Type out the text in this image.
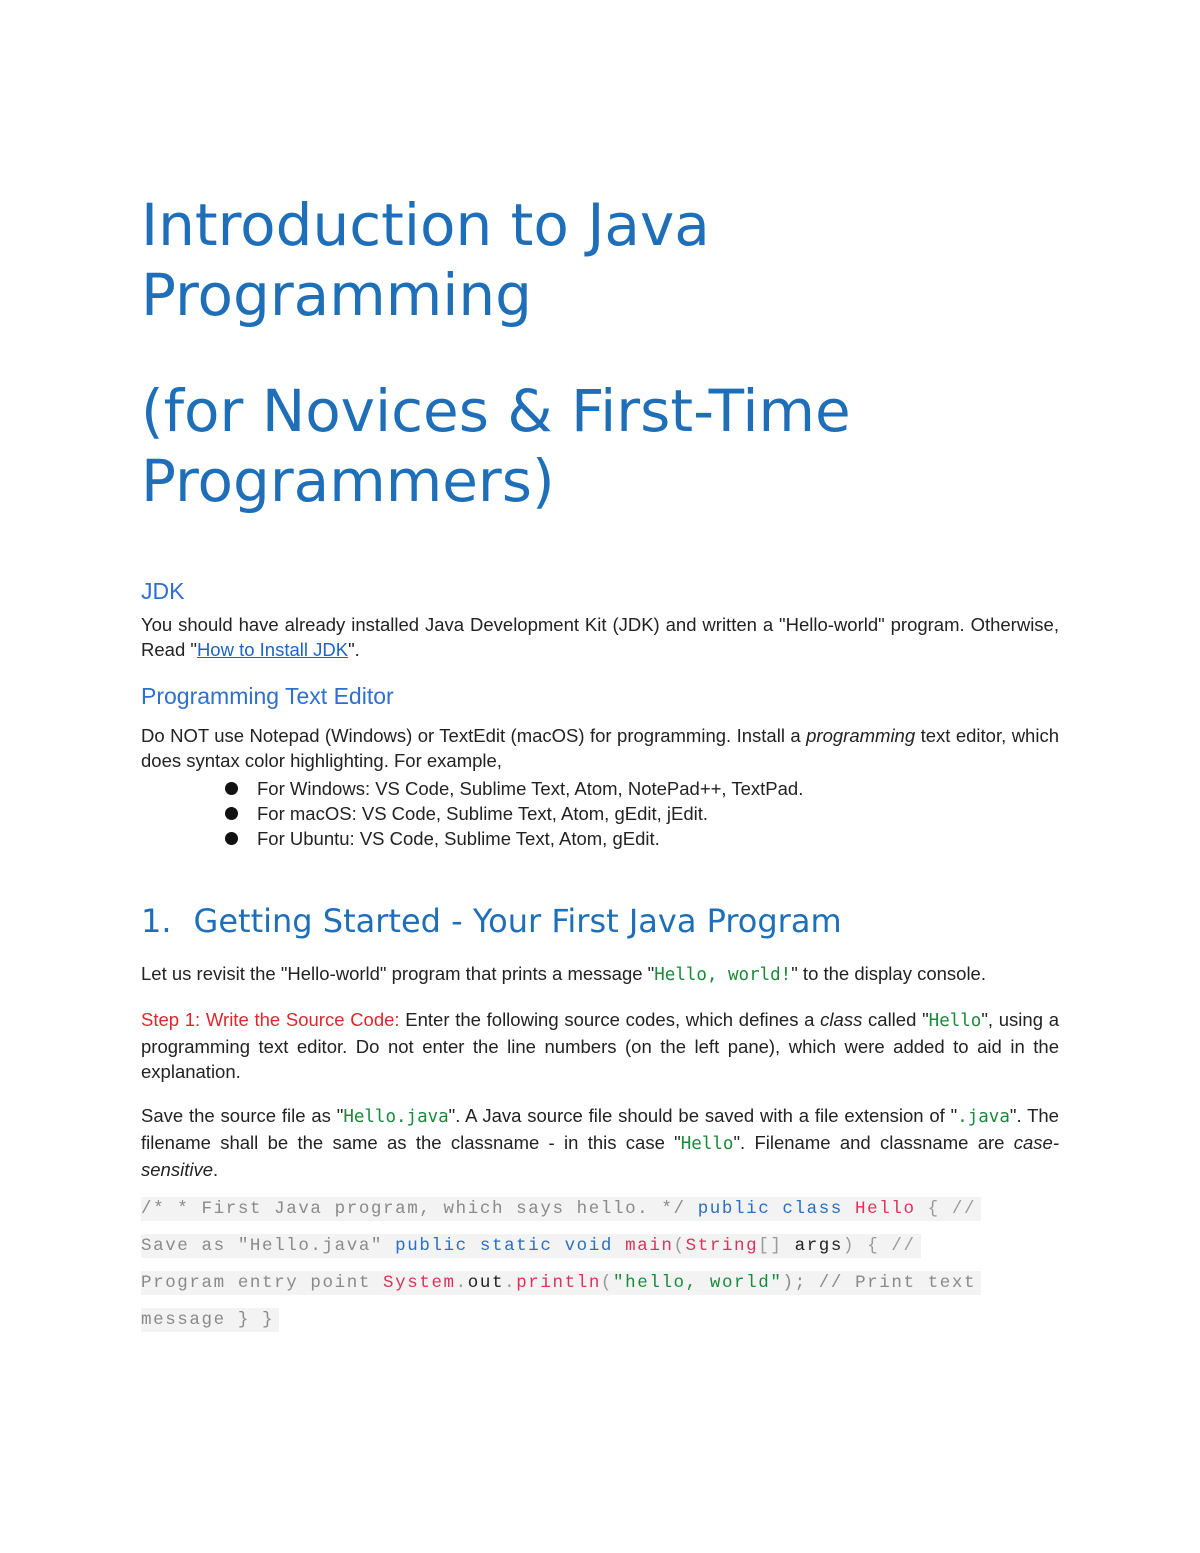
Introduction to Java
Programming
(for Novices & First-Time
Programmers)
JDK

You should have already installed Java Development Kit (JDK) and written a "Hello-world" program. Otherwise, Read "How to Install JDK".

Programming Text Editor

Do NOT use Notepad (Windows) or TextEdit (macOS) for programming. Install a programming text editor, which does syntax color highlighting. For example,

For Windows: VS Code, Sublime Text, Atom, NotePad++, TextPad.
For macOS: VS Code, Sublime Text, Atom, gEdit, jEdit.
For Ubuntu: VS Code, Sublime Text, Atom, gEdit.
1. Getting Started - Your First Java Program

Let us revisit the "Hello-world" program that prints a message "Hello, world!" to the display console.

Step 1: Write the Source Code: Enter the following source codes, which defines a class called "Hello", using a programming text editor. Do not enter the line numbers (on the left pane), which were added to aid in the explanation.

Save the source file as "Hello.java". A Java source file should be saved with a file extension of ".java". The filename shall be the same as the classname - in this case "Hello". Filename and classname are case-sensitive.

/* * First Java program, which says hello. */ public class Hello { //
Save as "Hello.java" public static void main(String[] args) { //
Program entry point System.out.println("hello, world"); // Print text
message } }
